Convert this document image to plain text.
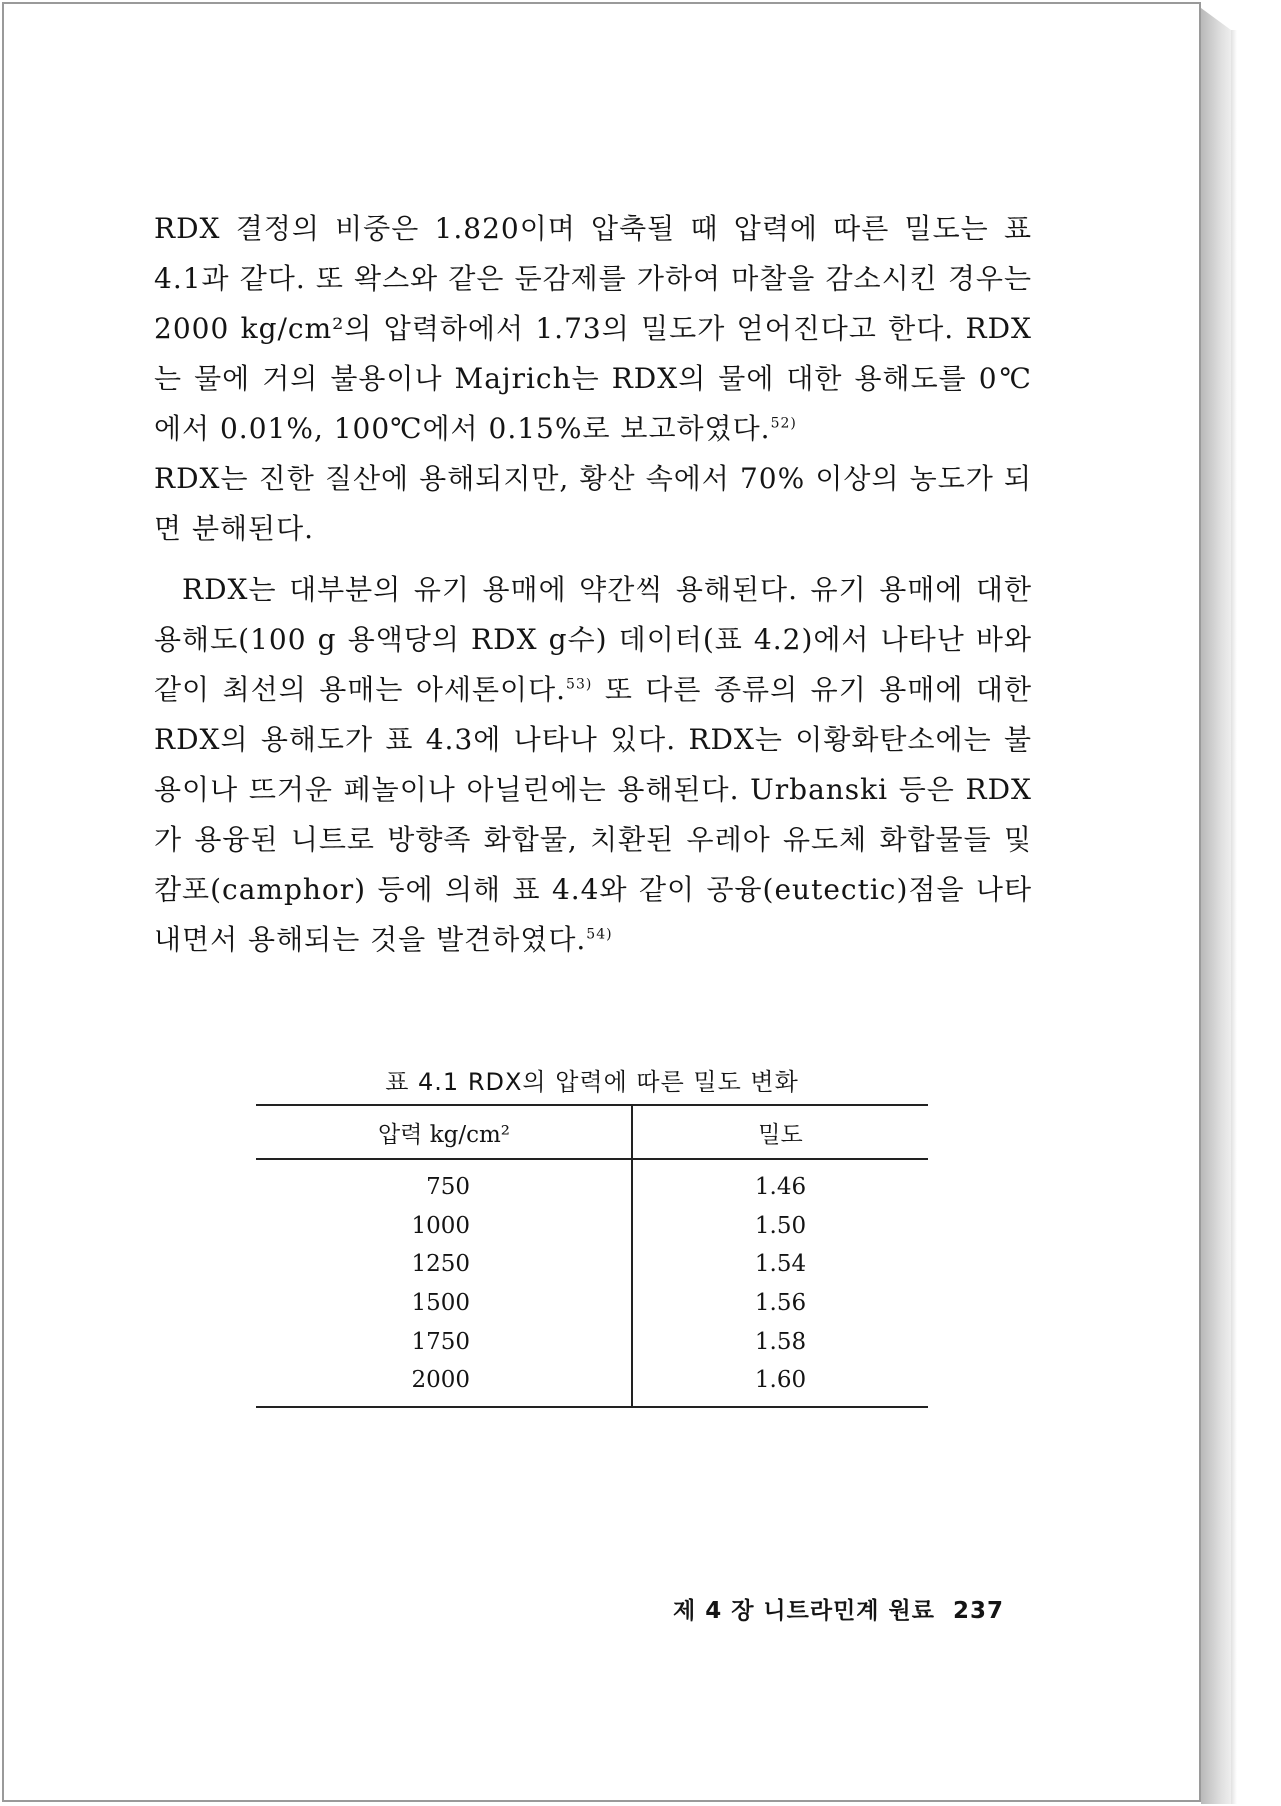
RDX 결정의 비중은 1.820이며 압축될 때 압력에 따른 밀도는 표 4.1과 같다. 또 왁스와 같은 둔감제를 가하여 마찰을 감소시킨 경우는 2000 kg/cm²의 압력하에서 1.73의 밀도가 얻어진다고 한다. RDX는 물에 거의 불용이나 Majrich는 RDX의 물에 대한 용해도를 0℃에서 0.01%, 100℃에서 0.15%로 보고하였다.$^{52)}$
RDX는 진한 질산에 용해되지만, 황산 속에서 70% 이상의 농도가 되면 분해된다.

RDX는 대부분의 유기 용매에 약간씩 용해된다. 유기 용매에 대한 용해도(100 g 용액당의 RDX g수) 데이터(표 4.2)에서 나타난 바와 같이 최선의 용매는 아세톤이다.$^{53)}$ 또 다른 종류의 유기 용매에 대한 RDX의 용해도가 표 4.3에 나타나 있다. RDX는 이황화탄소에는 불용이나 뜨거운 페놀이나 아닐린에는 용해된다. Urbanski 등은 RDX가 용융된 니트로 방향족 화합물, 치환된 우레아 유도체 화합물들 및 캄포(camphor) 등에 의해 표 4.4와 같이 공융(eutectic)점을 나타내면서 용해되는 것을 발견하였다.$^{54)}$

표 4.1 RDX의 압력에 따른 밀도 변화
압력 kg/cm²	밀도
750	1.46
1000	1.50
1250	1.54
1500	1.56
1750	1.58
2000	1.60
제 4 장 니트라민계 원료 237
